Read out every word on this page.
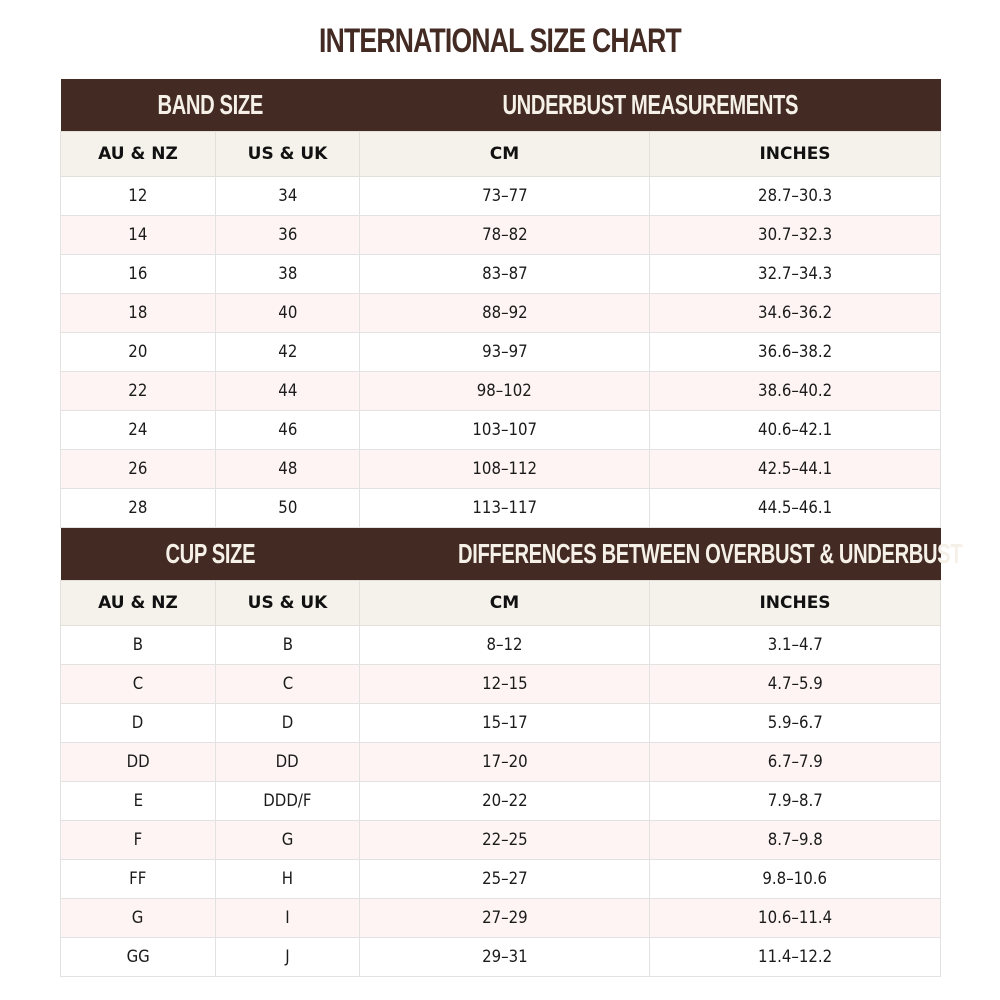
INTERNATIONAL SIZE CHART
BAND SIZE		UNDERBUST MEASUREMENTS	
AU & NZ	US & UK	CM	INCHES
12	34	73–77	28.7–30.3
14	36	78–82	30.7–32.3
16	38	83–87	32.7–34.3
18	40	88–92	34.6–36.2
20	42	93–97	36.6–38.2
22	44	98–102	38.6–40.2
24	46	103–107	40.6–42.1
26	48	108–112	42.5–44.1
28	50	113–117	44.5–46.1
CUP SIZE		DIFFERENCES BETWEEN OVERBUST & UNDERBUST	
AU & NZ	US & UK	CM	INCHES
B	B	8–12	3.1–4.7
C	C	12–15	4.7–5.9
D	D	15–17	5.9–6.7
DD	DD	17–20	6.7–7.9
E	DDD/F	20–22	7.9–8.7
F	G	22–25	8.7–9.8
FF	H	25–27	9.8–10.6
G	I	27–29	10.6–11.4
GG	J	29–31	11.4–12.2
